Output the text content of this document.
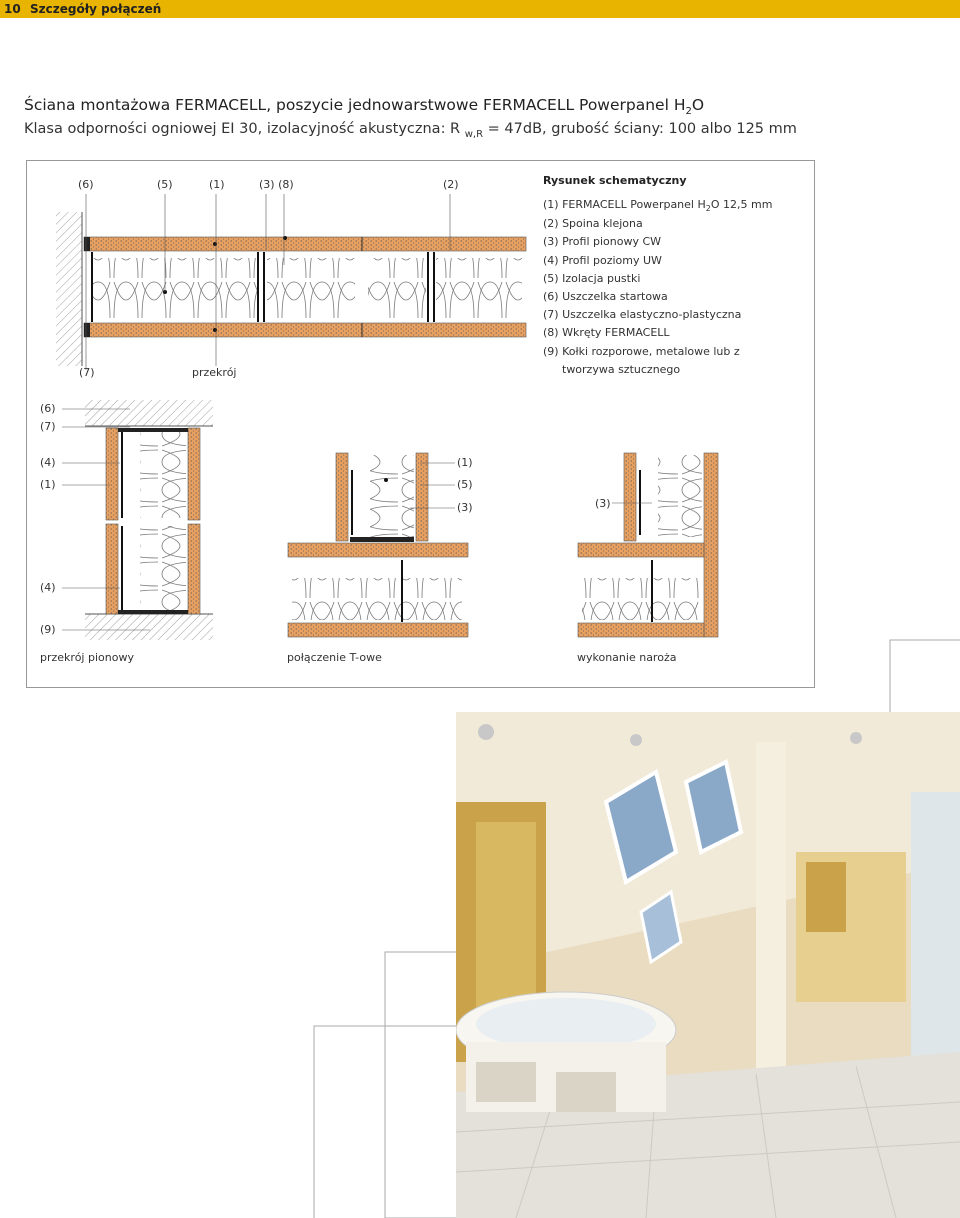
10 Szczegóły połączeń
Ściana montażowa FERMACELL, poszycie jednowarstwowe FERMACELL Powerpanel $H_2O$
Klasa odporności ogniowej EI 30, izolacyjność akustyczna: R $_{w,R}$ = 47dB, grubość ściany: 100 albo 125 mm
(6)	(5)	(1)	(3) (8)	(2)
(7)	przekrój
(6)
(7)
(4)
(1)
(4)
(9)
przekrój pionowy
(1)
(5)
(3)
połączenie T-owe
(3)
wykonanie naroża
Rysunek schematyczny
(1) FERMACELL Powerpanel $H_2O$ 12,5 mm
(2) Spoina klejona
(3) Profil pionowy CW
(4) Profil poziomy UW
(5) Izolacja pustki
(6) Uszczelka startowa
(7) Uszczelka elastyczno-plastyczna
(8) Wkręty FERMACELL
(9) Kołki rozporowe, metalowe lub z tworzywa sztucznego
